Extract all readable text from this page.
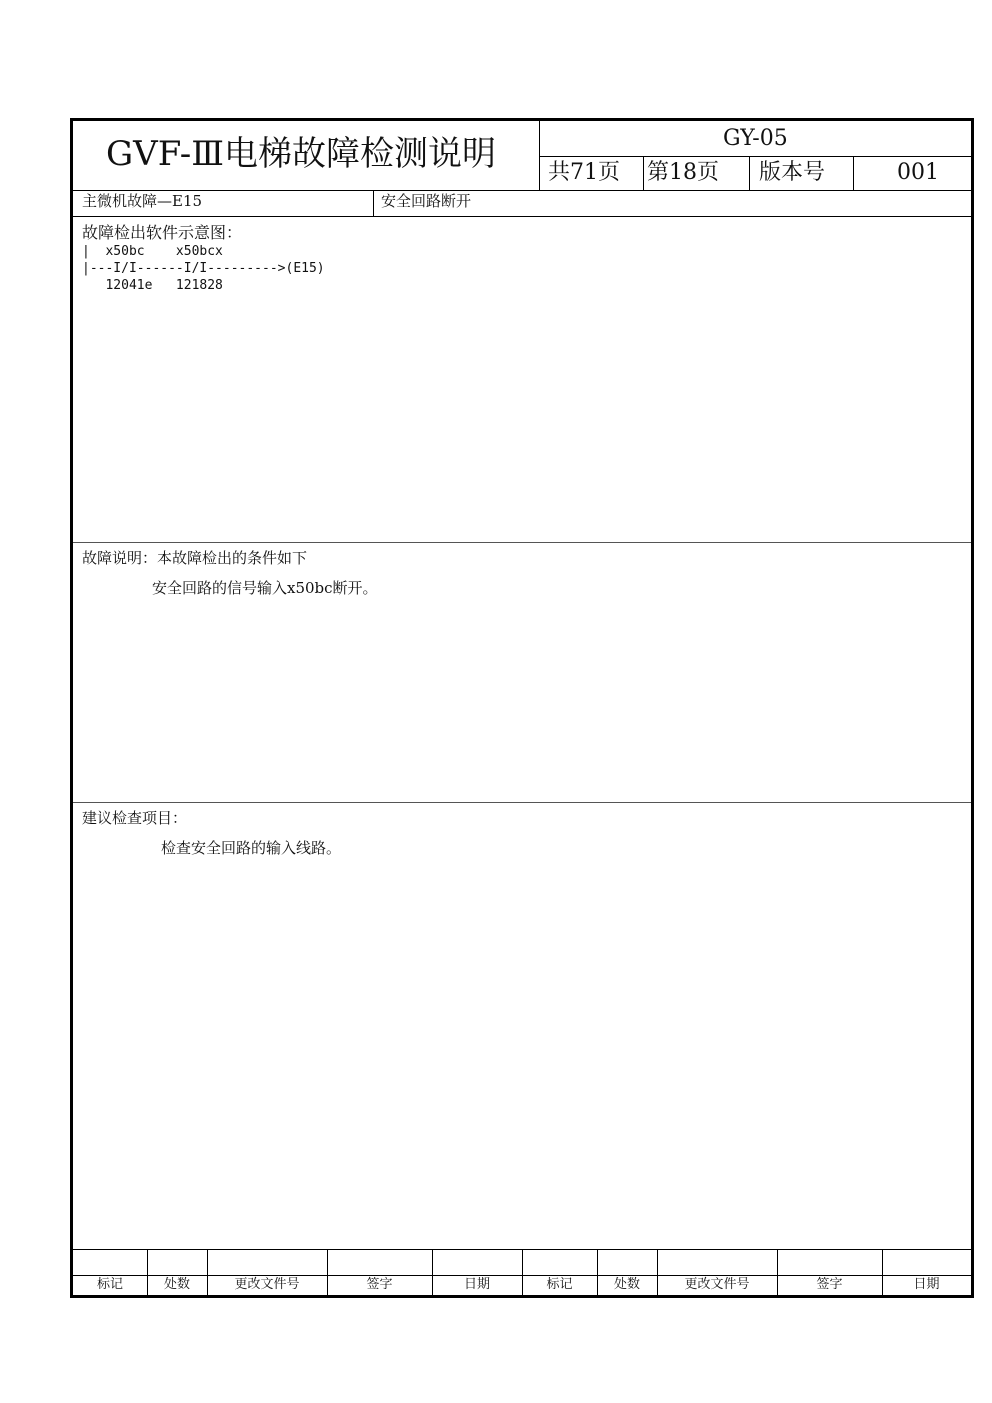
GVF-Ⅲ电梯故障检测说明	GY-05
共71页 第18页 版本号	001
主微机故障—E15	安全回路断开
故障检出软件示意图：
|  x50bc    x50bcx
|---I/I------I/I--------->(E15)
12041e   121828
故障说明：本故障检出的条件如下
安全回路的信号输入x50bc断开。
建议检查项目：
检查安全回路的输入线路。
标记	处数	更改文件号	签字	日期	标记	处数	更改文件号	签字	日期
